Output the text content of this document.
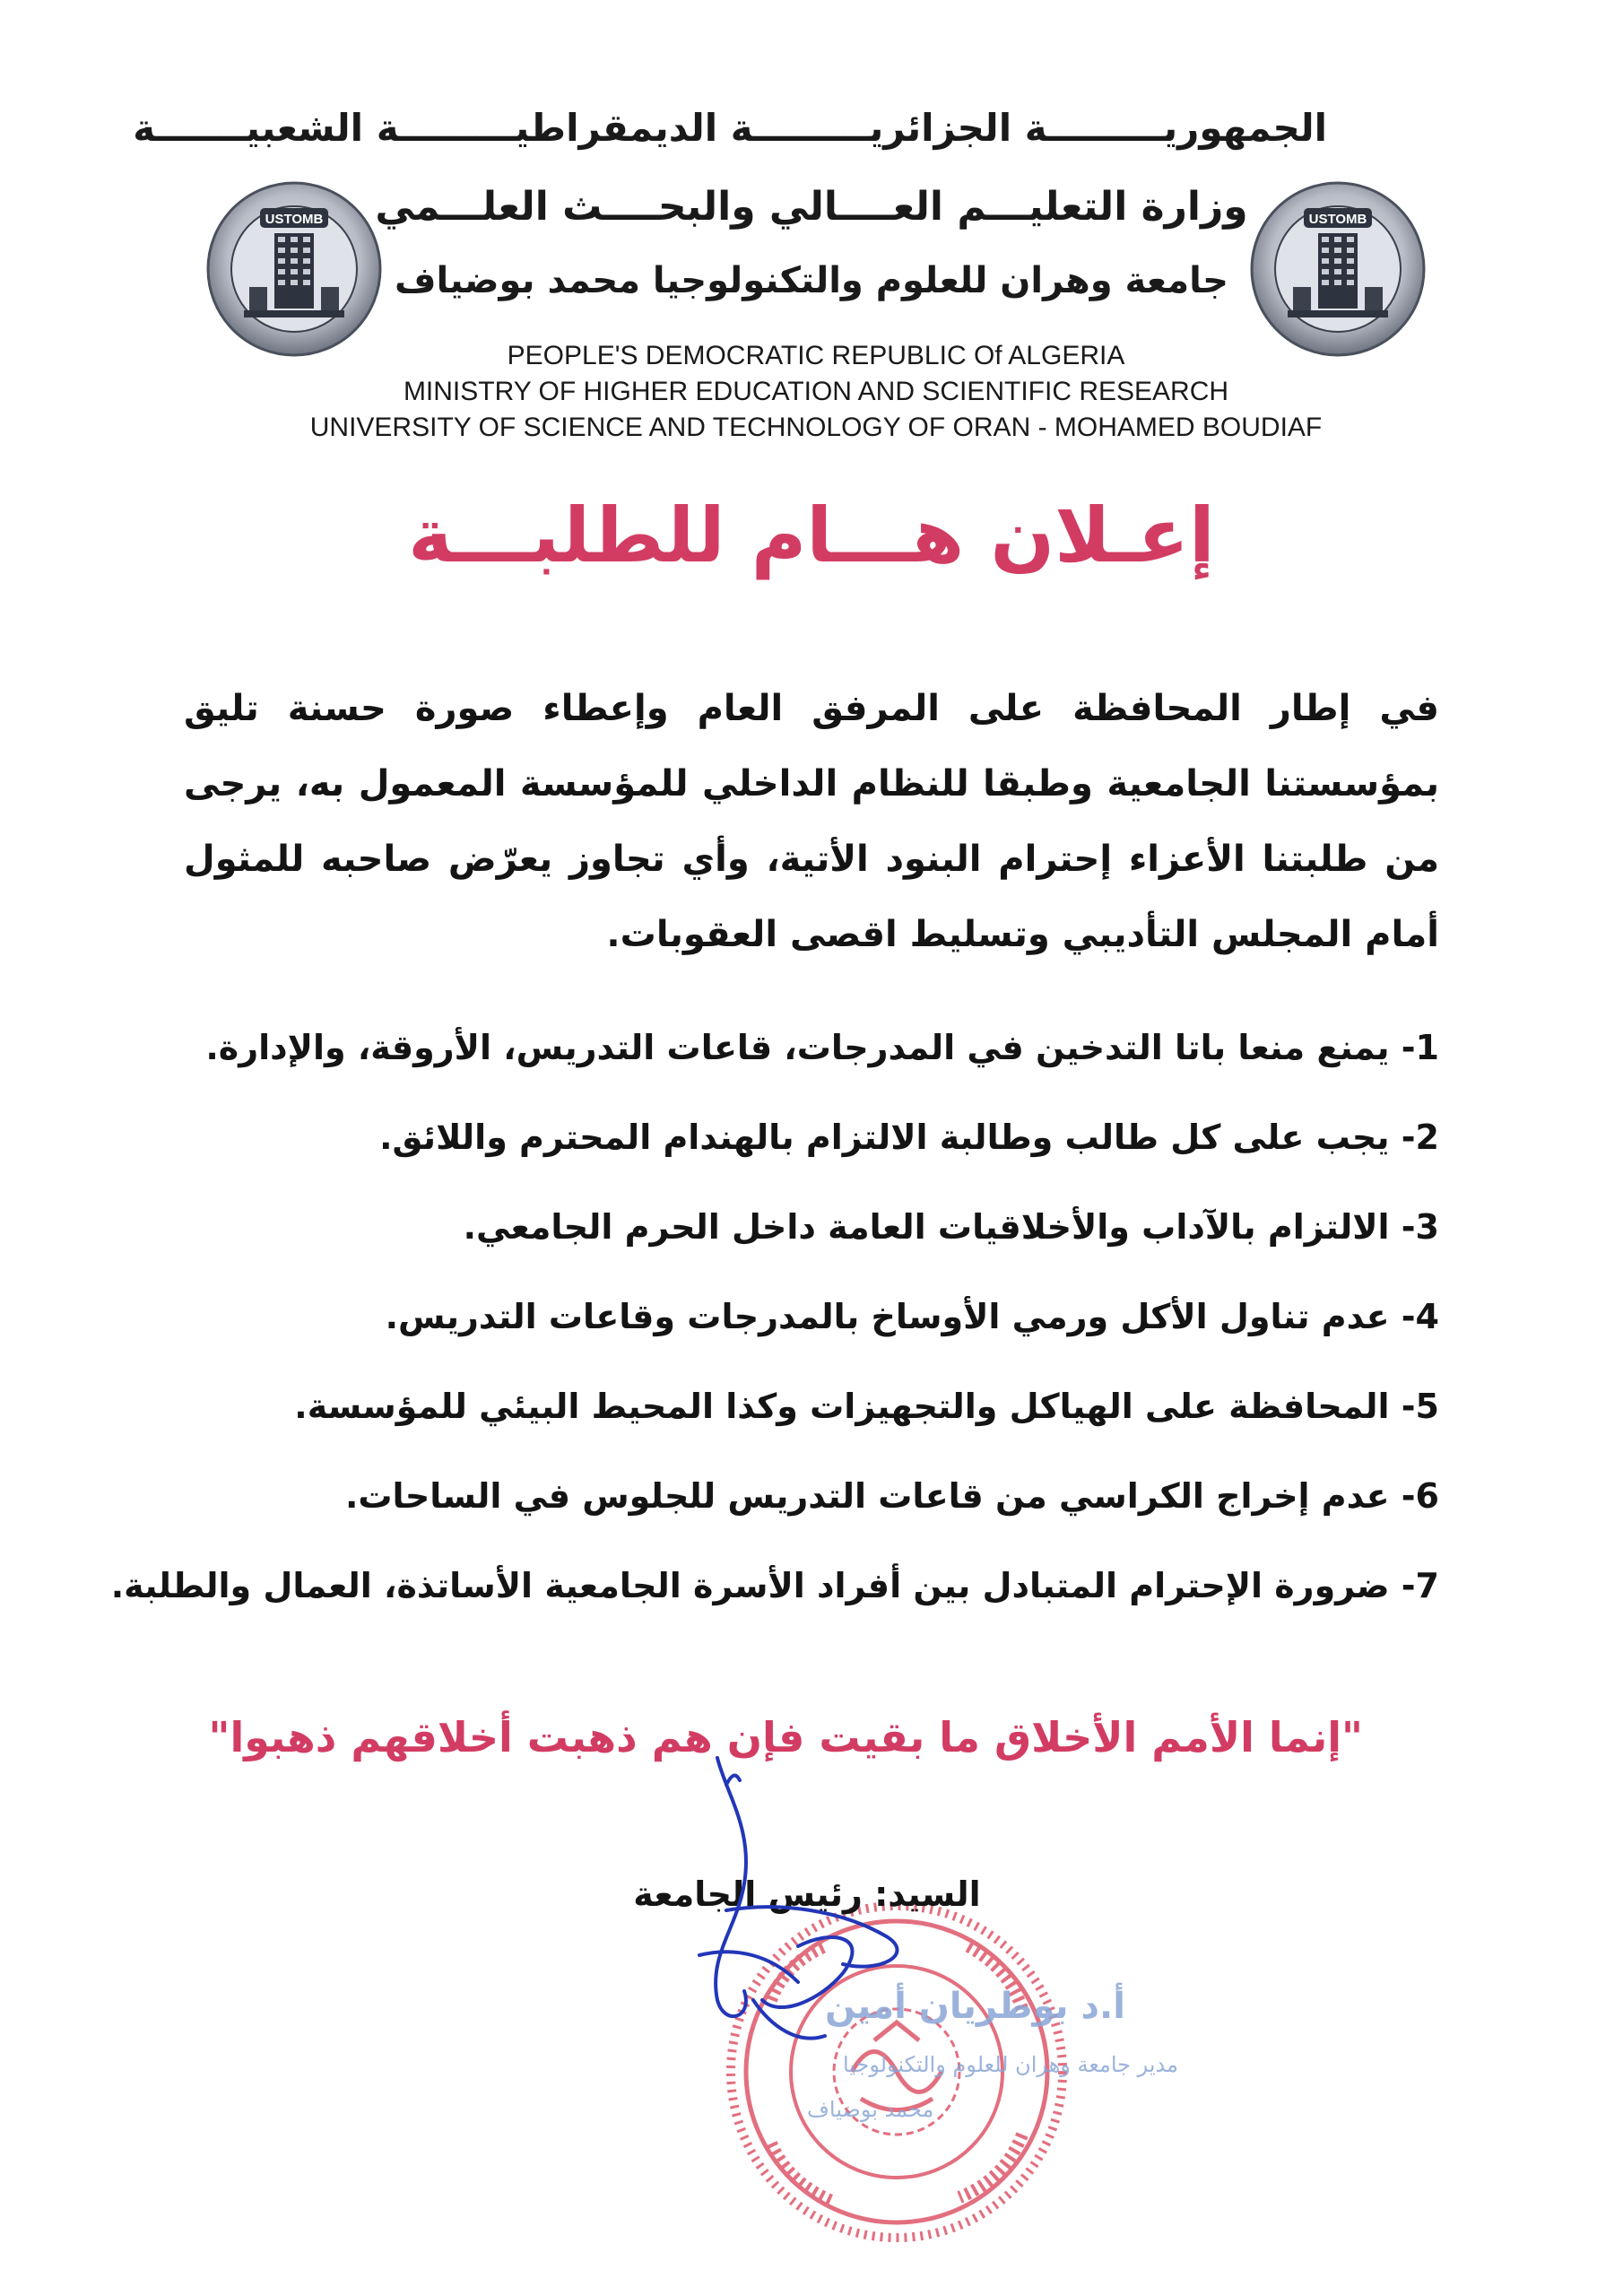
USTOMB	USTOMB
الجمهوريـــــــــة الجزائريـــــــــة الديمقراطيـــــــــة الشعبيـــــــة
وزارة التعليـــم العــــالي والبحــــث العلـــمي
جامعة وهران للعلوم والتكنولوجيا محمد بوضياف
PEOPLE'S DEMOCRATIC REPUBLIC Of ALGERIA
MINISTRY OF HIGHER EDUCATION AND SCIENTIFIC RESEARCH
UNIVERSITY OF SCIENCE AND TECHNOLOGY OF ORAN - MOHAMED BOUDIAF
إعـلان هـــام للطلبـــة
في إطار المحافظة على المرفق العام وإعطاء صورة حسنة تليق بمؤسستنا الجامعية وطبقا للنظام الداخلي للمؤسسة المعمول به، يرجى من طلبتنا الأعزاء إحترام البنود الأتية، وأي تجاوز يعرّض صاحبه للمثول أمام المجلس التأديبي وتسليط اقصى العقوبات.
1- يمنع منعا باتا التدخين في المدرجات، قاعات التدريس، الأروقة، والإدارة.
2- يجب على كل طالب وطالبة الالتزام بالهندام المحترم واللائق.
3- الالتزام بالآداب والأخلاقيات العامة داخل الحرم الجامعي.
4- عدم تناول الأكل ورمي الأوساخ بالمدرجات وقاعات التدريس.
5- المحافظة على الهياكل والتجهيزات وكذا المحيط البيئي للمؤسسة.
6- عدم إخراج الكراسي من قاعات التدريس للجلوس في الساحات.
7- ضرورة الإحترام المتبادل بين أفراد الأسرة الجامعية الأساتذة، العمال والطلبة.
"إنما الأمم الأخلاق ما بقيت فإن هم ذهبت أخلاقهم ذهبوا"
أ.د بوطريان أمين
مدير جامعة وهران للعلوم والتكنولوجيا
محمد بوضياف
السيد: رئيس الجامعة
